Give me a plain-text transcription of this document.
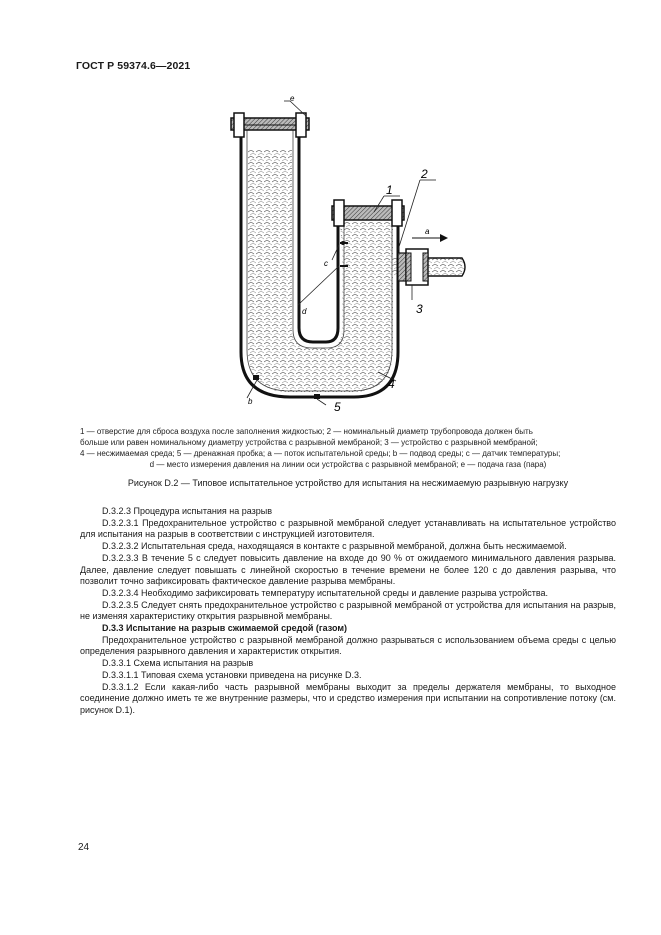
ГОСТ Р 59374.6—2021
e
1
2
a
3
c
d
4
5
b
1 — отверстие для сброса воздуха после заполнения жидкостью; 2 — номинальный диаметр трубопровода должен быть
больше или равен номинальному диаметру устройства с разрывной мембраной; 3 — устройство с разрывной мембраной;
4 — несжимаемая среда; 5 — дренажная пробка; a — поток испытательной среды; b — подвод среды; c — датчик температуры;
d — место измерения давления на линии оси устройства с разрывной мембраной; e — подача газа (пара)
Рисунок D.2 — Типовое испытательное устройство для испытания на несжимаемую разрывную нагрузку

D.3.2.3 Процедура испытания на разрыв

D.3.2.3.1 Предохранительное устройство с разрывной мембраной следует устанавливать на испытательное устройство для испытания на разрыв в соответствии с инструкцией изготовителя.

D.3.2.3.2 Испытательная среда, находящаяся в контакте с разрывной мембраной, должна быть несжимаемой.

D.3.2.3.3 В течение 5 с следует повысить давление на входе до 90 % от ожидаемого минимального давления разрыва. Далее, давление следует повышать с линейной скоростью в течение времени не более 120 с до давления разрыва, что позволит точно зафиксировать фактическое давление разрыва мембраны.

D.3.2.3.4 Необходимо зафиксировать температуру испытательной среды и давление разрыва устройства.

D.3.2.3.5 Следует снять предохранительное устройство с разрывной мембраной от устройства для испытания на разрыв, не изменяя характеристику открытия разрывной мембраны.

D.3.3 Испытание на разрыв сжимаемой средой (газом)

Предохранительное устройство с разрывной мембраной должно разрываться с использованием объема среды с целью определения разрывного давления и характеристик открытия.

D.3.3.1 Схема испытания на разрыв

D.3.3.1.1 Типовая схема установки приведена на рисунке D.3.

D.3.3.1.2 Если какая-либо часть разрывной мембраны выходит за пределы держателя мембраны, то выходное соединение должно иметь те же внутренние размеры, что и средство измерения при испытании на сопротивление потоку (см. рисунок D.1).

24
